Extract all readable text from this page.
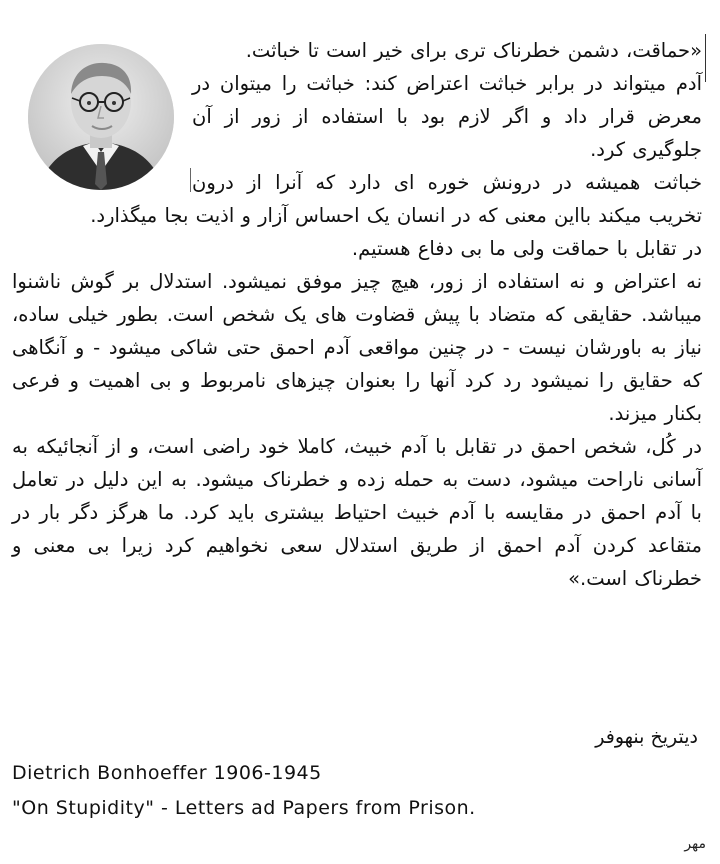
«حماقت، دشمن خطرناک تری برای خیر است تا خباثت.

آدم میتواند در برابر خباثت اعتراض کند: خباثت را میتوان در معرض قرار داد و اگر لازم بود با استفاده از زور از آن جلوگیری کرد.

خباثت همیشه در درونش خوره ای دارد که آنرا از درون تخریب میکند بااین معنی که در انسان یک احساس آزار و اذیت بجا میگذارد.

در تقابل با حماقت ولی ما بی دفاع هستیم.

نه اعتراض و نه استفاده از زور، هیچ چیز موفق نمیشود. استدلال بر گوش ناشنوا میباشد. حقایقی که متضاد با پیش قضاوت های یک شخص است. بطور خیلی ساده، نیاز به باورشان نیست - در چنین مواقعی آدم احمق حتی شاکی میشود - و آنگاهی که حقایق را نمیشود رد کرد آنها را بعنوان چیزهای نامربوط و بی اهمیت و فرعی بکنار میزند.

در کُل، شخص احمق در تقابل با آدم خبیث، کاملا خود راضی است، و از آنجائیکه به آسانی ناراحت میشود، دست به حمله زده و خطرناک میشود. به این دلیل در تعامل با آدم احمق در مقایسه با آدم خبیث احتیاط بیشتری باید کرد. ما هرگز دگر بار در متقاعد کردن آدم احمق از طریق استدلال سعی نخواهیم کرد زیرا بی معنی و خطرناک است.»

دیتریخ بنهوفر
Dietrich Bonhoeffer 1906-1945
"On Stupidity" - Letters ad Papers from Prison.
مهر
